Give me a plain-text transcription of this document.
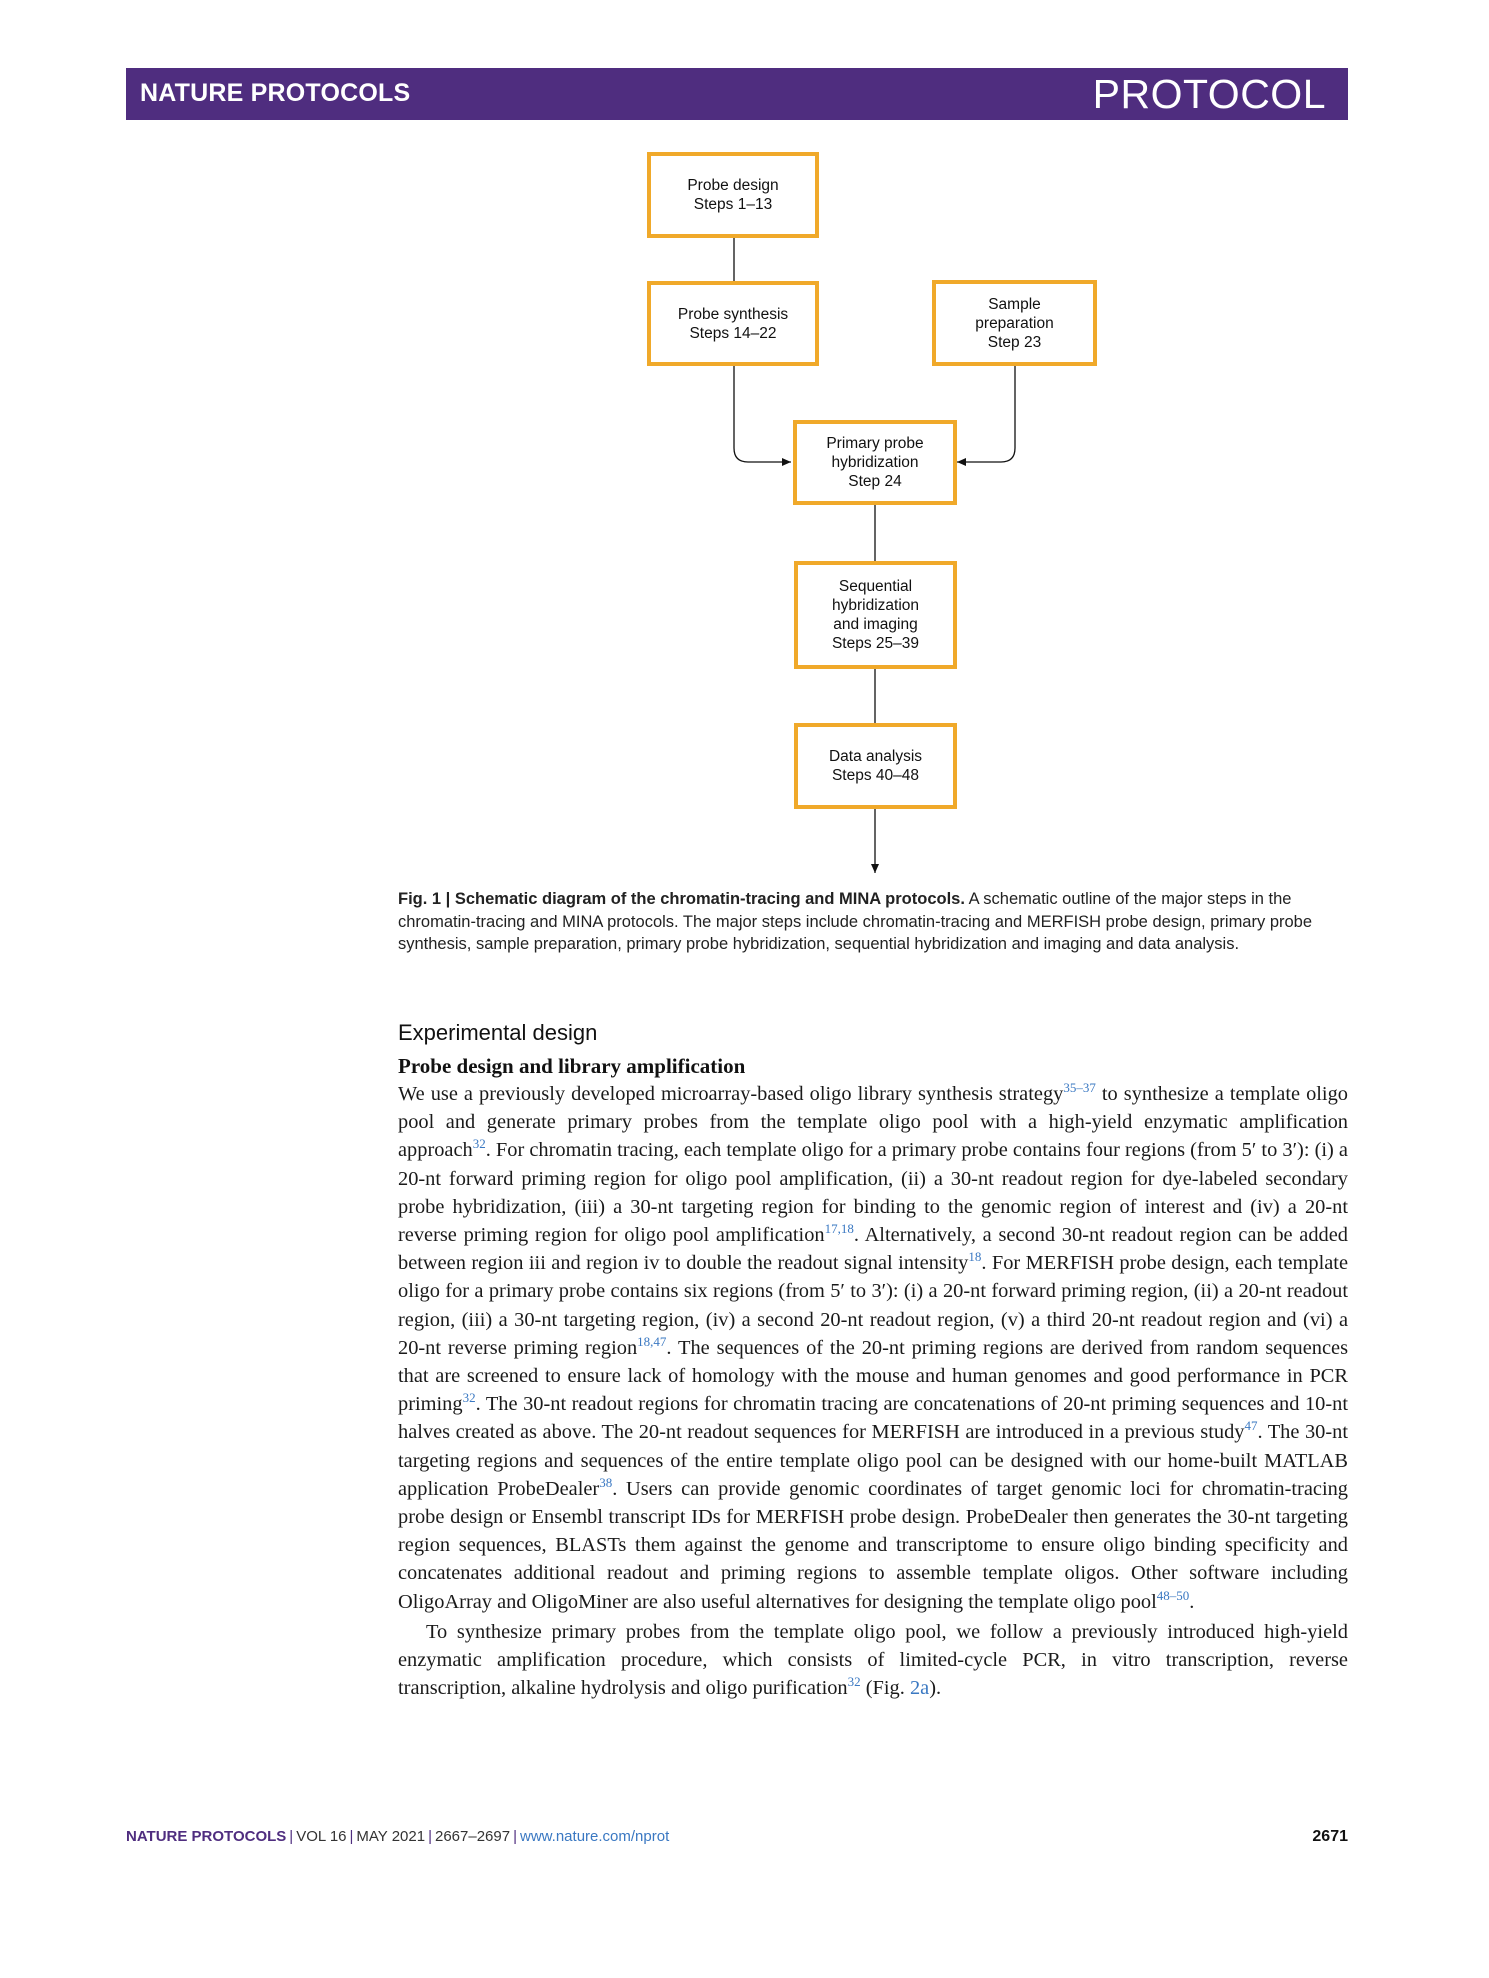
NATURE PROTOCOLS	PROTOCOL
Probe design
Steps 1–13
Probe synthesis
Steps 14–22
Sample
preparation
Step 23
Primary probe
hybridization
Step 24
Sequential
hybridization
and imaging
Steps 25–39
Data analysis
Steps 40–48
Fig. 1 | Schematic diagram of the chromatin-tracing and MINA protocols. A schematic outline of the major steps in the chromatin-tracing and MINA protocols. The major steps include chromatin-tracing and MERFISH probe design, primary probe synthesis, sample preparation, primary probe hybridization, sequential hybridization and imaging and data analysis.
Experimental design
Probe design and library amplification

We use a previously developed microarray-based oligo library synthesis strategy$^{35-37}$ to synthesize a template oligo pool and generate primary probes from the template oligo pool with a high-yield enzymatic amplification approach$^{32}$. For chromatin tracing, each template oligo for a primary probe contains four regions (from 5′ to 3′): (i) a 20-nt forward priming region for oligo pool amplification, (ii) a 30-nt readout region for dye-labeled secondary probe hybridization, (iii) a 30-nt targeting region for binding to the genomic region of interest and (iv) a 20-nt reverse priming region for oligo pool amplification$^{17,18}$. Alternatively, a second 30-nt readout region can be added between region iii and region iv to double the readout signal intensity$^{18}$. For MERFISH probe design, each template oligo for a primary probe contains six regions (from 5′ to 3′): (i) a 20-nt forward priming region, (ii) a 20-nt readout region, (iii) a 30-nt targeting region, (iv) a second 20-nt readout region, (v) a third 20-nt readout region and (vi) a 20-nt reverse priming region$^{18,47}$. The sequences of the 20-nt priming regions are derived from random sequences that are screened to ensure lack of homology with the mouse and human genomes and good performance in PCR priming$^{32}$. The 30-nt readout regions for chromatin tracing are concatenations of 20-nt priming sequences and 10-nt halves created as above. The 20-nt readout sequences for MERFISH are introduced in a previous study$^{47}$. The 30-nt targeting regions and sequences of the entire template oligo pool can be designed with our home-built MATLAB application ProbeDealer$^{38}$. Users can provide genomic coordinates of target genomic loci for chromatin-tracing probe design or Ensembl transcript IDs for MERFISH probe design. ProbeDealer then generates the 30-nt targeting region sequences, BLASTs them against the genome and transcriptome to ensure oligo binding specificity and concatenates additional readout and priming regions to assemble template oligos. Other software including OligoArray and OligoMiner are also useful alternatives for designing the template oligo pool$^{48-50}$.

To synthesize primary probes from the template oligo pool, we follow a previously introduced high-yield enzymatic amplification procedure, which consists of limited-cycle PCR, in vitro transcription, reverse transcription, alkaline hydrolysis and oligo purification$^{32}$ (Fig. 2a).

NATURE PROTOCOLS | VOL 16 | MAY 2021 | 2667–2697 | www.nature.com/nprot	2671
